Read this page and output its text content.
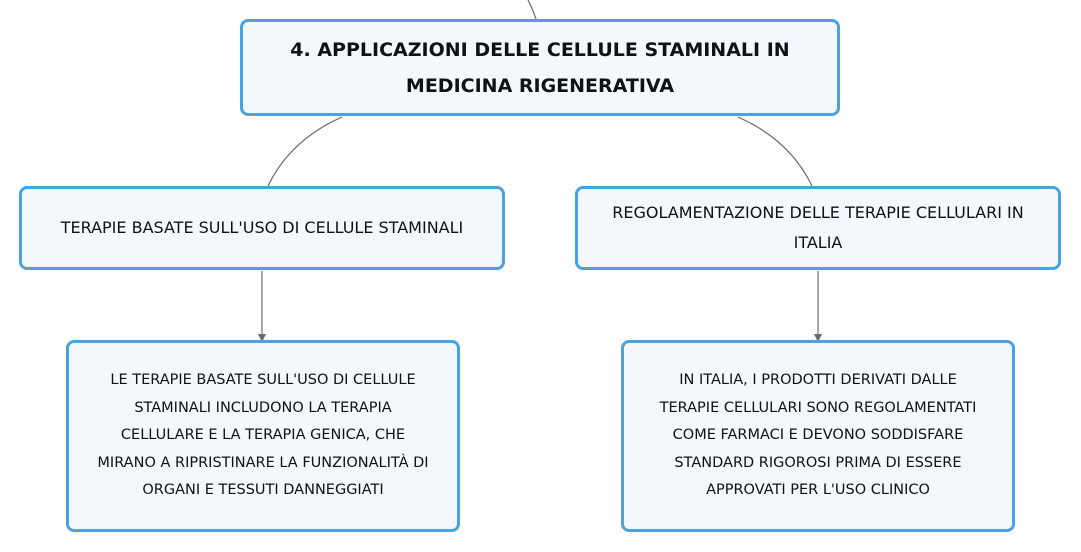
4. APPLICAZIONI DELLE CELLULE STAMINALI IN
MEDICINA RIGENERATIVA
TERAPIE BASATE SULL'USO DI CELLULE STAMINALI
REGOLAMENTAZIONE DELLE TERAPIE CELLULARI IN
ITALIA
LE TERAPIE BASATE SULL'USO DI CELLULE
STAMINALI INCLUDONO LA TERAPIA
CELLULARE E LA TERAPIA GENICA, CHE
MIRANO A RIPRISTINARE LA FUNZIONALITÀ DI
ORGANI E TESSUTI DANNEGGIATI
IN ITALIA, I PRODOTTI DERIVATI DALLE
TERAPIE CELLULARI SONO REGOLAMENTATI
COME FARMACI E DEVONO SODDISFARE
STANDARD RIGOROSI PRIMA DI ESSERE
APPROVATI PER L'USO CLINICO
